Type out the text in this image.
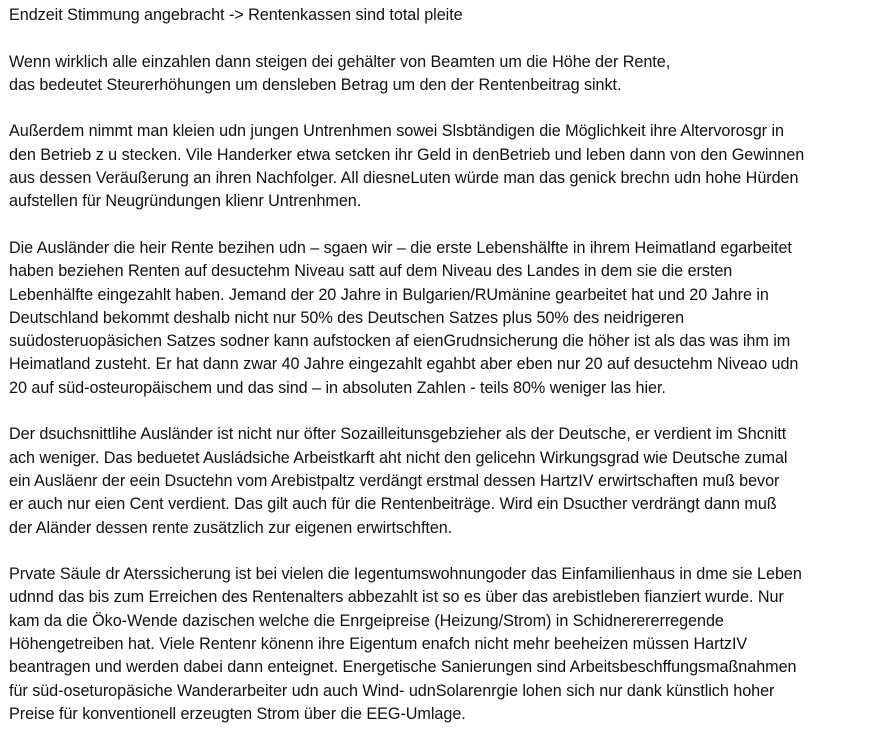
Endzeit Stimmung angebracht -> Rentenkassen sind total pleite

Wenn wirklich alle einzahlen dann steigen dei gehälter von Beamten um die Höhe der Rente,
das bedeutet Steurerhöhungen um densleben Betrag um den der Rentenbeitrag sinkt.

Außerdem nimmt man kleien udn jungen Untrenhmen sowei Slsbtändigen die Möglichkeit ihre Altervorosgr in
den Betrieb z u stecken. Vile Handerker etwa setcken ihr Geld in denBetrieb und leben dann von den Gewinnen
aus dessen Veräußerung an ihren Nachfolger. All diesneLuten würde man das genick brechn udn hohe Hürden
aufstellen für Neugründungen klienr Untrenhmen.

Die Ausländer die heir Rente bezihen udn – sgaen wir – die erste Lebenshälfte in ihrem Heimatland egarbeitet
haben beziehen Renten auf desuctehm Niveau satt auf dem Niveau des Landes in dem sie die ersten
Lebenhälfte eingezahlt haben. Jemand der 20 Jahre in Bulgarien/RUmänine gearbeitet hat und 20 Jahre in
Deutschland bekommt deshalb nicht nur 50% des Deutschen Satzes plus 50% des neidrigeren
suüdosteruopäsichen Satzes sodner kann aufstocken af eienGrudnsicherung die höher ist als das was ihm im
Heimatland zusteht. Er hat dann zwar 40 Jahre eingezahlt egahbt aber eben nur 20 auf desuctehm Niveao udn
20 auf süd-osteuropäischem und das sind – in absoluten Zahlen - teils 80% weniger las hier.

Der dsuchsnittlihe Ausländer ist nicht nur öfter Sozailleitunsgebzieher als der Deutsche, er verdient im Shcnitt
ach weniger. Das beduetet Ausládsiche Arbeistkarft aht nicht den gelicehn Wirkungsgrad wie Deutsche zumal
ein Ausläenr der eein Dsuctehn vom Arebistpaltz verdängt erstmal dessen HartzIV erwirtschaften muß bevor
er auch nur eien Cent verdient. Das gilt auch für die Rentenbeiträge. Wird ein Dsucther verdrängt dann muß
der Aländer dessen rente zusätzlich zur eigenen erwirtschften.

Prvate Säule dr Aterssicherung ist bei vielen die Iegentumswohnungoder das Einfamilienhaus in dme sie Leben
udnnd das bis zum Erreichen des Rentenalters abbezahlt ist so es über das arebistleben fianziert wurde. Nur
kam da die Öko-Wende dazischen welche die Enrgeipreise (Heizung/Strom) in Schidnerererregende
Höhengetreiben hat. Viele Rentenr könenn ihre Eigentum enafch nicht mehr beeheizen müssen HartzIV
beantragen und werden dabei dann enteignet. Energetische Sanierungen sind Arbeitsbeschffungsmaßnahmen
für süd-oseturopäsiche Wanderarbeiter udn auch Wind- udnSolarenrgie lohen sich nur dank künstlich hoher
Preise für konventionell erzeugten Strom über die EEG-Umlage.
